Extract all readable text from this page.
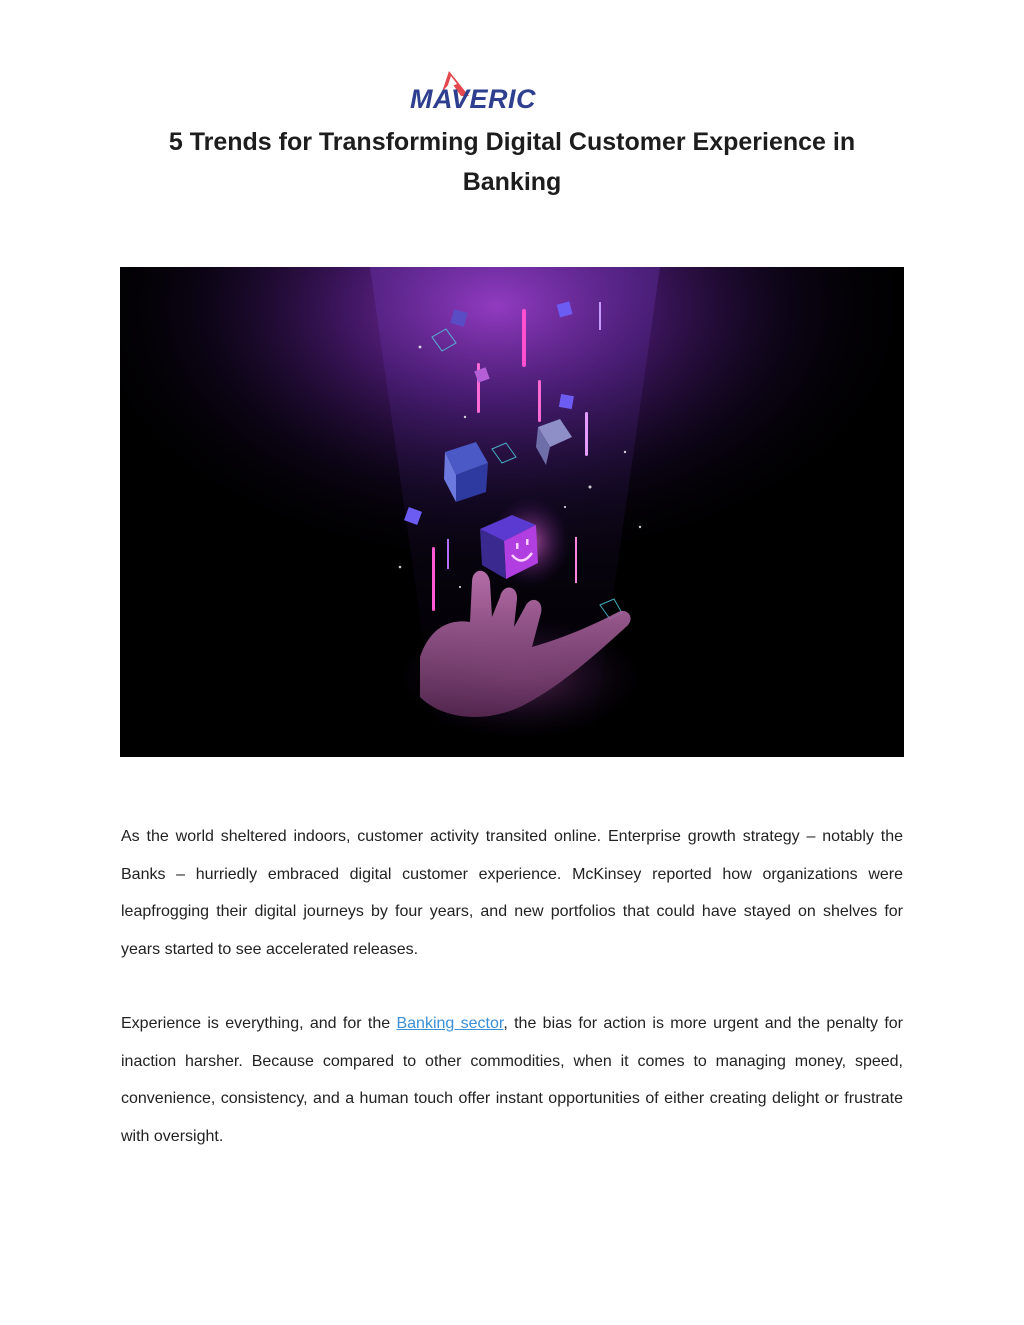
MAVERIC
5 Trends for Transforming Digital Customer Experience in Banking

As the world sheltered indoors, customer activity transited online. Enterprise growth strategy – notably the Banks – hurriedly embraced digital customer experience. McKinsey reported how organizations were leapfrogging their digital journeys by four years, and new portfolios that could have stayed on shelves for years started to see accelerated releases.

Experience is everything, and for the Banking sector, the bias for action is more urgent and the penalty for inaction harsher. Because compared to other commodities, when it comes to managing money, speed, convenience, consistency, and a human touch offer instant opportunities of either creating delight or frustrate with oversight.
